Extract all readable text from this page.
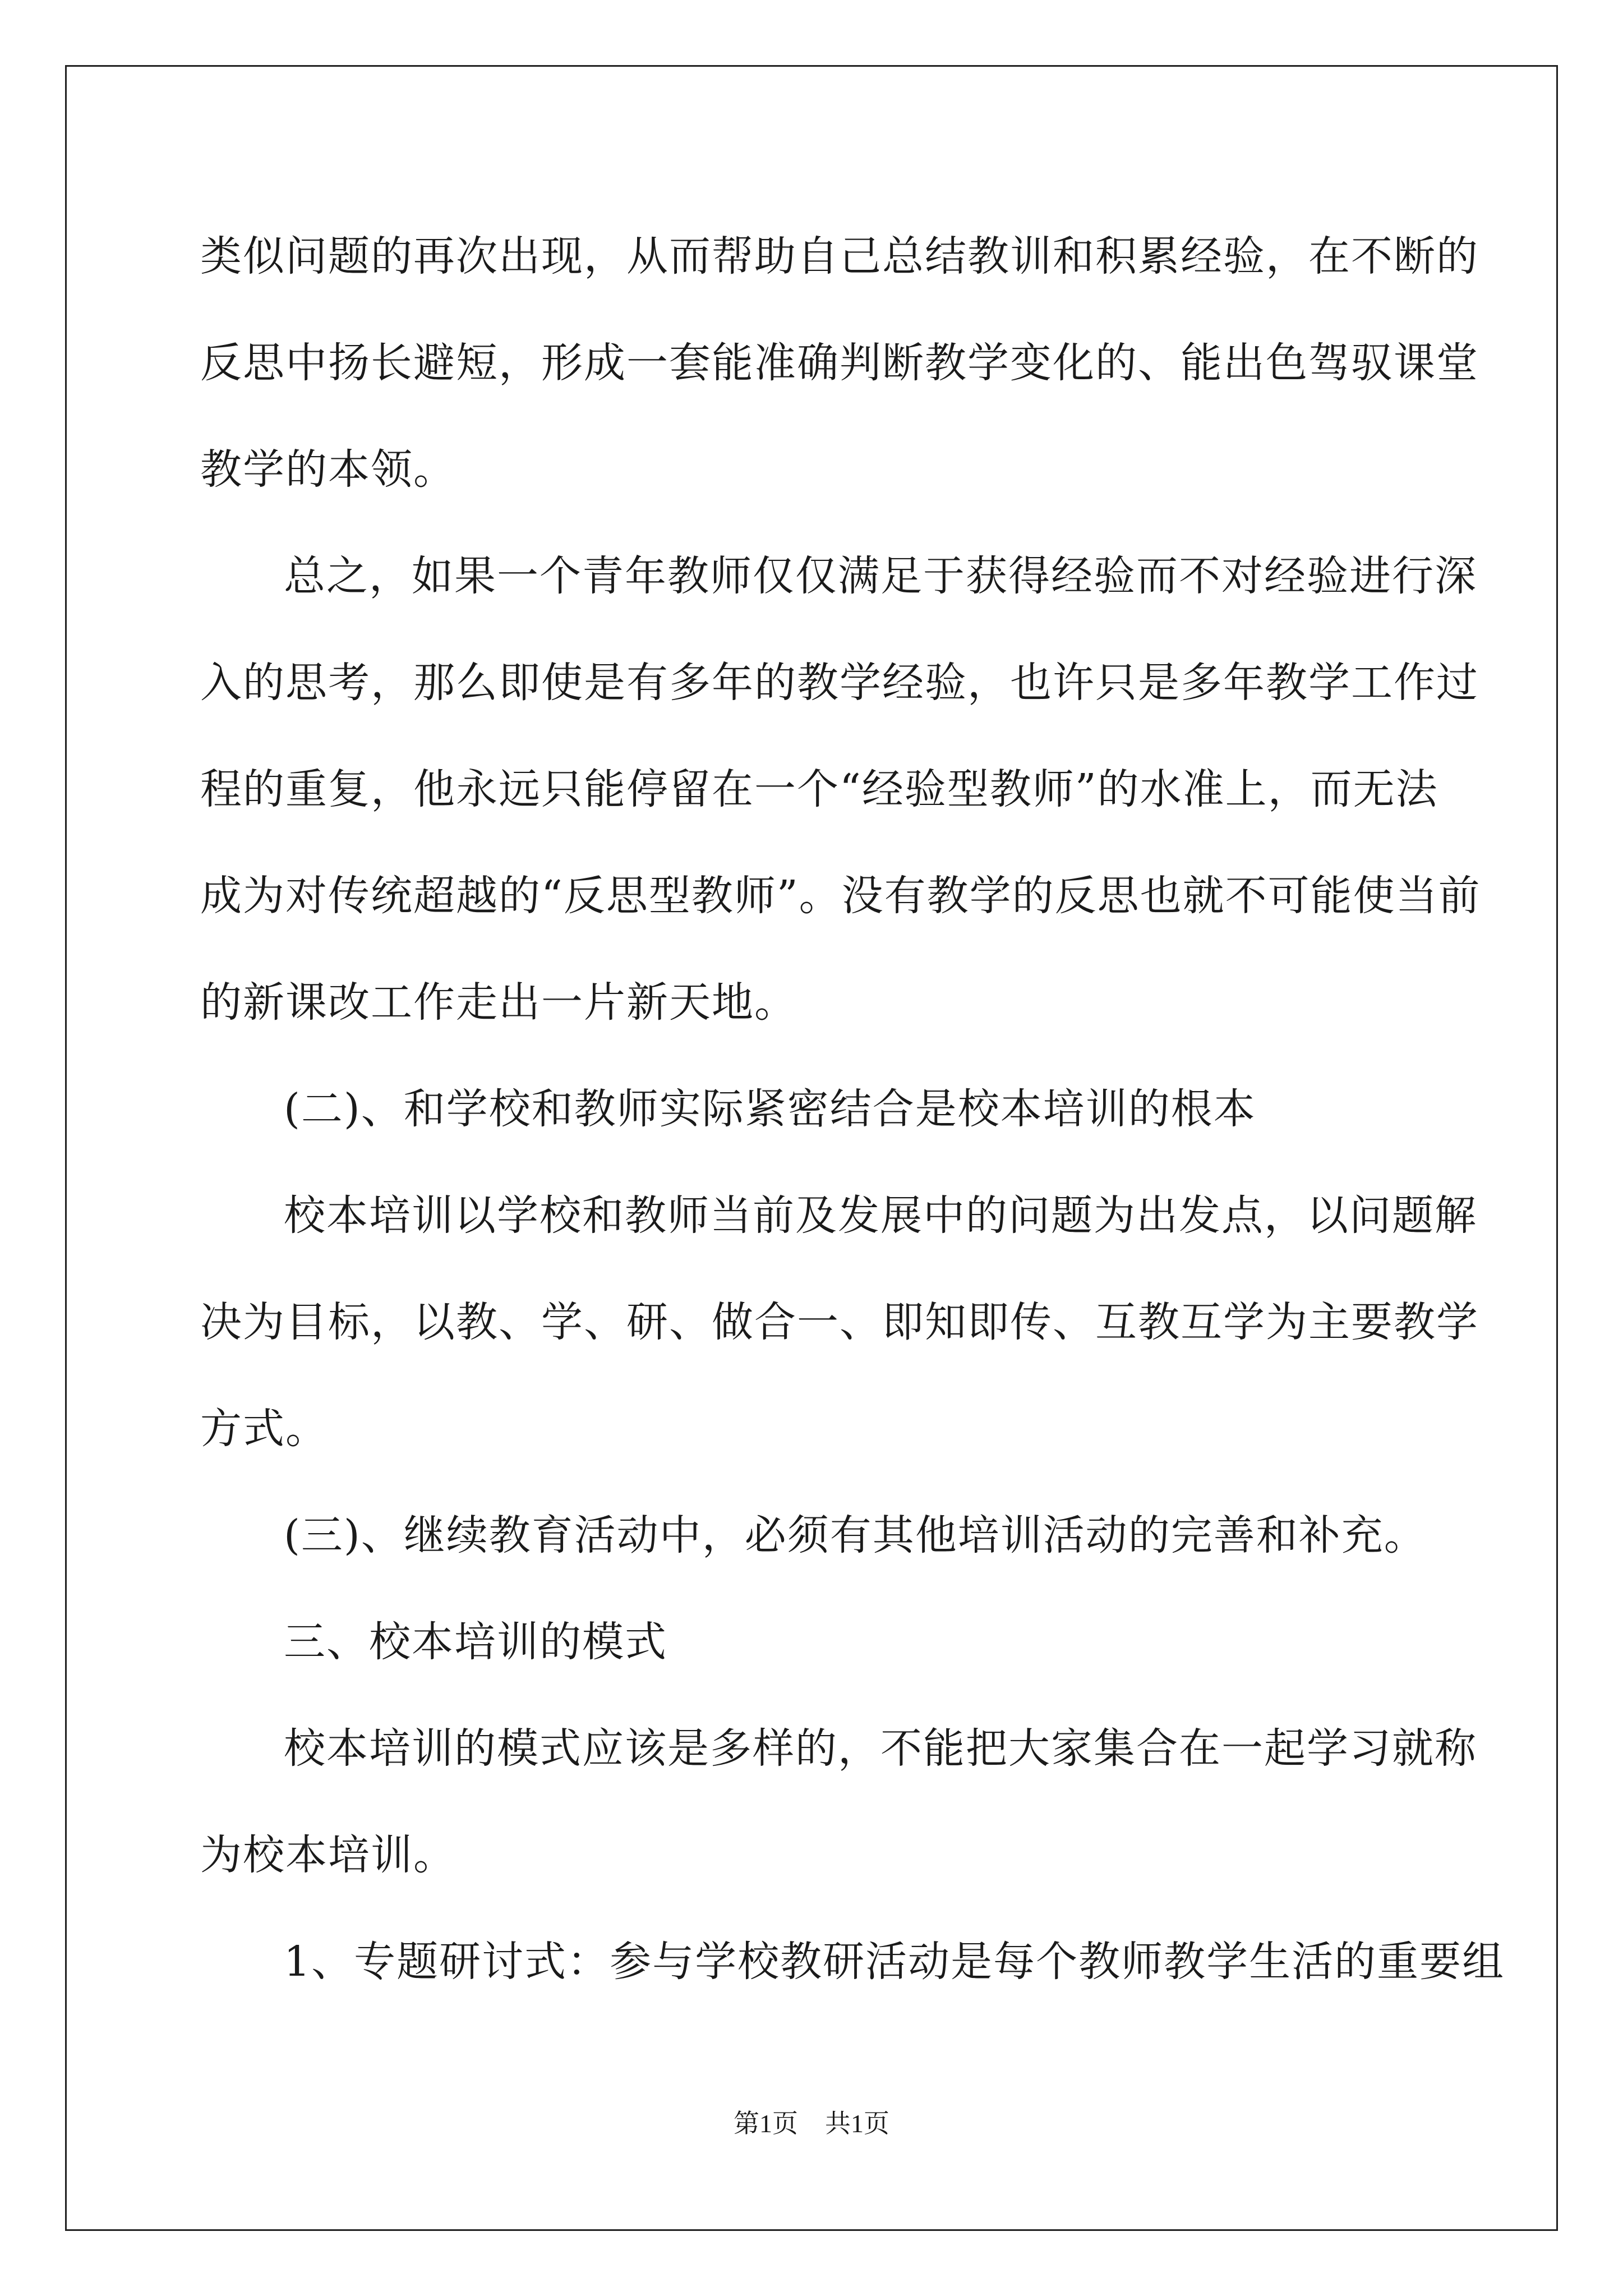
类似问题的再次出现，从而帮助自己总结教训和积累经验，在不断的
反思中扬长避短，形成一套能准确判断教学变化的、能出色驾驭课堂
教学的本领。
总之，如果一个青年教师仅仅满足于获得经验而不对经验进行深
入的思考，那么即使是有多年的教学经验，也许只是多年教学工作过
程的重复，他永远只能停留在一个“经验型教师”的水准上，而无法
成为对传统超越的“反思型教师”。没有教学的反思也就不可能使当前
的新课改工作走出一片新天地。
(二)、和学校和教师实际紧密结合是校本培训的根本
校本培训以学校和教师当前及发展中的问题为出发点，以问题解
决为目标，以教、学、研、做合一、即知即传、互教互学为主要教学
方式。
(三)、继续教育活动中，必须有其他培训活动的完善和补充。
三、校本培训的模式
校本培训的模式应该是多样的，不能把大家集合在一起学习就称
为校本培训。
1、专题研讨式：参与学校教研活动是每个教师教学生活的重要组
第1页 共1页
